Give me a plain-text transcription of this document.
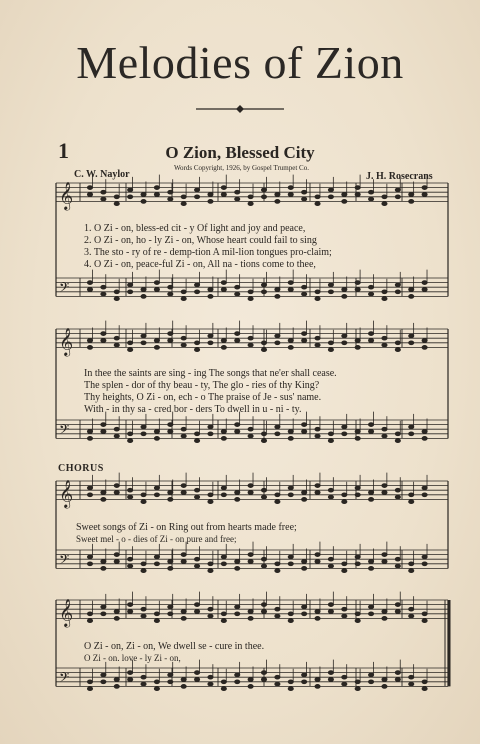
Melodies of Zion
1	O Zion, Blessed City
C. W. Naylor
Words Copyright, 1926, by Gospel Trumpet Co.
J. H. Rosecrans
𝄞
𝄢
𝄞
𝄢
𝄞
𝄢
𝄞
𝄢
1. O Zi - on, bless-ed cit - y Of light and joy and peace,
2. O Zi - on, ho - ly Zi - on, Whose heart could fail to sing
3. The sto - ry of re - demp-tion A mil-lion tongues pro-claim;
4. O Zi - on, peace-ful Zi - on, All na - tions come to thee,
In thee the saints are sing - ing The songs that ne'er shall cease.
The splen - dor of thy beau - ty, The glo - ries of thy King?
Thy heights, O Zi - on, ech - o The praise of Je - sus' name.
With - in thy sa - cred bor - ders To dwell in u - ni - ty.
CHORUS
Sweet songs of Zi - on Ring out from hearts made free;
Sweet mel - o - dies of Zi - on pure and free;
O Zi - on, Zi - on, We dwell se - cure in thee.
O Zi - on. love - ly Zi - on,
